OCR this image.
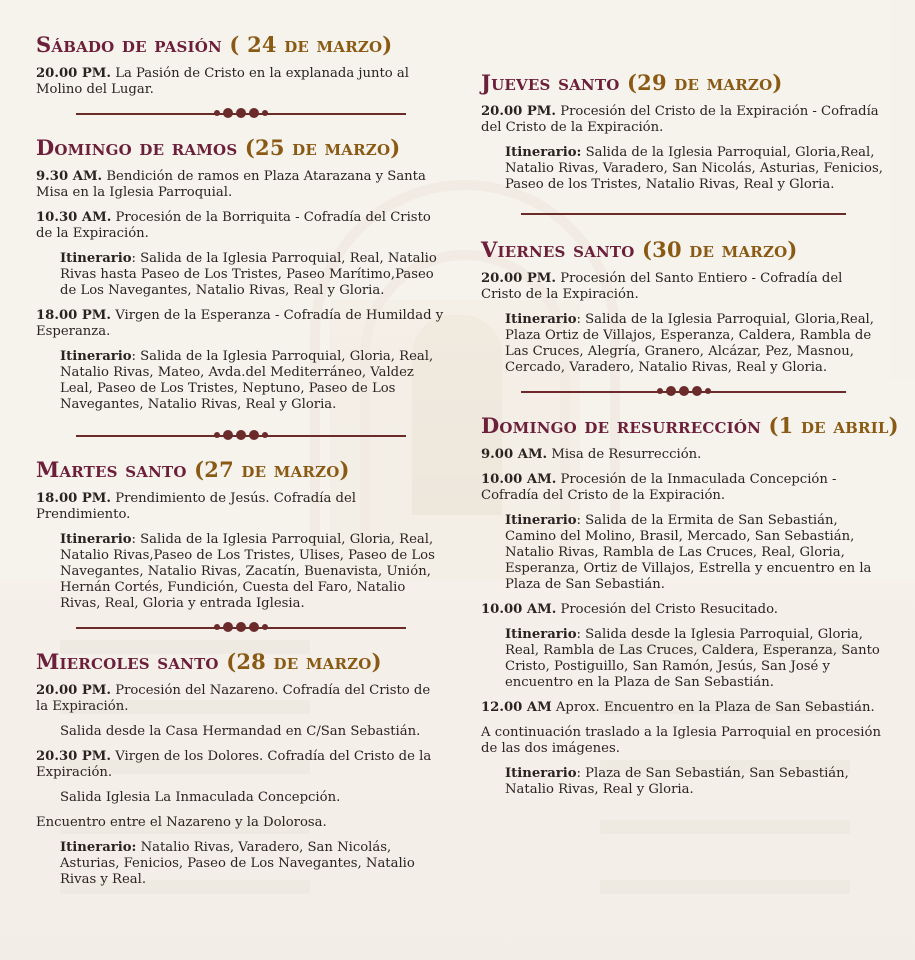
Sábado de pasión ( 24 de marzo)
20.00 PM. La Pasión de Cristo en la explanada junto al Molino del Lugar.
Domingo de ramos (25 de marzo)
9.30 AM. Bendición de ramos en Plaza Atarazana y Santa Misa en la Iglesia Parroquial.
10.30 AM. Procesión de la Borriquita - Cofradía del Cristo de la Expiración.
Itinerario: Salida de la Iglesia Parroquial, Real, Natalio Rivas hasta Paseo de Los Tristes, Paseo Marítimo,Paseo de Los Navegantes, Natalio Rivas, Real y Gloria.
18.00 PM. Virgen de la Esperanza - Cofradía de Humildad y Esperanza.
Itinerario: Salida de la Iglesia Parroquial, Gloria, Real, Natalio Rivas, Mateo, Avda.del Mediterráneo, Valdez Leal, Paseo de Los Tristes, Neptuno, Paseo de Los Navegantes, Natalio Rivas, Real y Gloria.
Martes santo (27 de marzo)
18.00 PM. Prendimiento de Jesús. Cofradía del Prendimiento.
Itinerario: Salida de la Iglesia Parroquial, Gloria, Real, Natalio Rivas,Paseo de Los Tristes, Ulises, Paseo de Los Navegantes, Natalio Rivas, Zacatín, Buenavista, Unión, Hernán Cortés, Fundición, Cuesta del Faro, Natalio Rivas, Real, Gloria y entrada Iglesia.
Miercoles santo (28 de marzo)
20.00 PM. Procesión del Nazareno. Cofradía del Cristo de la Expiración.
Salida desde la Casa Hermandad en C/San Sebastián.
20.30 PM. Virgen de los Dolores. Cofradía del Cristo de la Expiración.
Salida Iglesia La Inmaculada Concepción.
Encuentro entre el Nazareno y la Dolorosa.
Itinerario: Natalio Rivas, Varadero, San Nicolás, Asturias, Fenicios, Paseo de Los Navegantes, Natalio Rivas y Real.
Jueves santo (29 de marzo)
20.00 PM. Procesión del Cristo de la Expiración - Cofradía del Cristo de la Expiración.
Itinerario: Salida de la Iglesia Parroquial, Gloria,Real, Natalio Rivas, Varadero, San Nicolás, Asturias, Fenicios, Paseo de los Tristes, Natalio Rivas, Real y Gloria.
Viernes santo (30 de marzo)
20.00 PM. Procesión del Santo Entiero - Cofradía del Cristo de la Expiración.
Itinerario: Salida de la Iglesia Parroquial, Gloria,Real, Plaza Ortiz de Villajos, Esperanza, Caldera, Rambla de Las Cruces, Alegría, Granero, Alcázar, Pez, Masnou, Cercado, Varadero, Natalio Rivas, Real y Gloria.
Domingo de resurrección (1 de abril)
9.00 AM. Misa de Resurrección.
10.00 AM. Procesión de la Inmaculada Concepción - Cofradía del Cristo de la Expiración.
Itinerario: Salida de la Ermita de San Sebastián, Camino del Molino, Brasil, Mercado, San Sebastián, Natalio Rivas, Rambla de Las Cruces, Real, Gloria, Esperanza, Ortiz de Villajos, Estrella y encuentro en la Plaza de San Sebastián.
10.00 AM. Procesión del Cristo Resucitado.
Itinerario: Salida desde la Iglesia Parroquial, Gloria, Real, Rambla de Las Cruces, Caldera, Esperanza, Santo Cristo, Postiguillo, San Ramón, Jesús, San José y encuentro en la Plaza de San Sebastián.
12.00 AM Aprox. Encuentro en la Plaza de San Sebastián.
A continuación traslado a la Iglesia Parroquial en procesión de las dos imágenes.
Itinerario: Plaza de San Sebastián, San Sebastián, Natalio Rivas, Real y Gloria.
